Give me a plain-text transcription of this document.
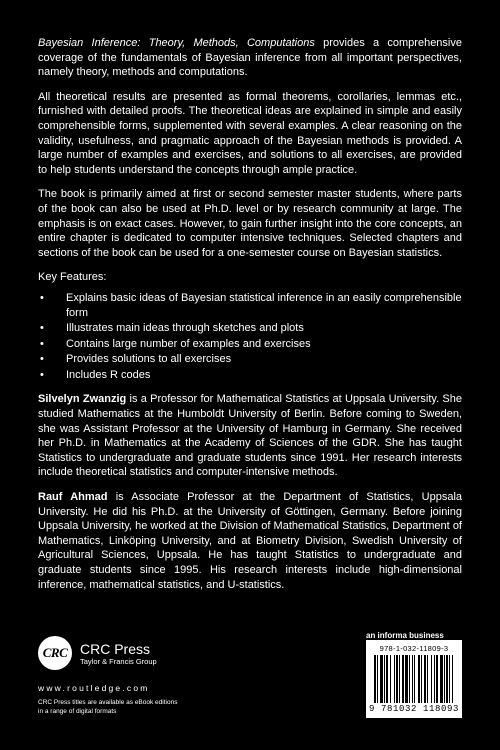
Bayesian Inference: Theory, Methods, Computations provides a comprehensive coverage of the fundamentals of Bayesian inference from all important perspectives, namely theory, methods and computations.

All theoretical results are presented as formal theorems, corollaries, lemmas etc., furnished with detailed proofs. The theoretical ideas are explained in simple and easily comprehensible forms, supplemented with several examples. A clear reasoning on the validity, usefulness, and pragmatic approach of the Bayesian methods is provided. A large number of examples and exercises, and solutions to all exercises, are provided to help students understand the concepts through ample practice.

The book is primarily aimed at first or second semester master students, where parts of the book can also be used at Ph.D. level or by research community at large. The emphasis is on exact cases. However, to gain further insight into the core concepts, an entire chapter is dedicated to computer intensive techniques. Selected chapters and sections of the book can be used for a one-semester course on Bayesian statistics.

Key Features:

• Explains basic ideas of Bayesian statistical inference in an easily comprehensible form
• Illustrates main ideas through sketches and plots
• Contains large number of examples and exercises
• Provides solutions to all exercises
• Includes R codes

Silvelyn Zwanzig is a Professor for Mathematical Statistics at Uppsala University. She studied Mathematics at the Humboldt University of Berlin. Before coming to Sweden, she was Assistant Professor at the University of Hamburg in Germany. She received her Ph.D. in Mathematics at the Academy of Sciences of the GDR. She has taught Statistics to undergraduate and graduate students since 1991. Her research interests include theoretical statistics and computer-intensive methods.

Rauf Ahmad is Associate Professor at the Department of Statistics, Uppsala University. He did his Ph.D. at the University of Göttingen, Germany. Before joining Uppsala University, he worked at the Division of Mathematical Statistics, Department of Mathematics, Linköping University, and at Biometry Division, Swedish University of Agricultural Sciences, Uppsala. He has taught Statistics to undergraduate and graduate students since 1995. His research interests include high-dimensional inference, mathematical statistics, and U-statistics.

CRC CRC Press
Taylor & Francis Group
www.routledge.com
CRC Press titles are available as eBook editions in a range of digital formats
an informa business
978-1-032-11809-3
9 781032 118093
